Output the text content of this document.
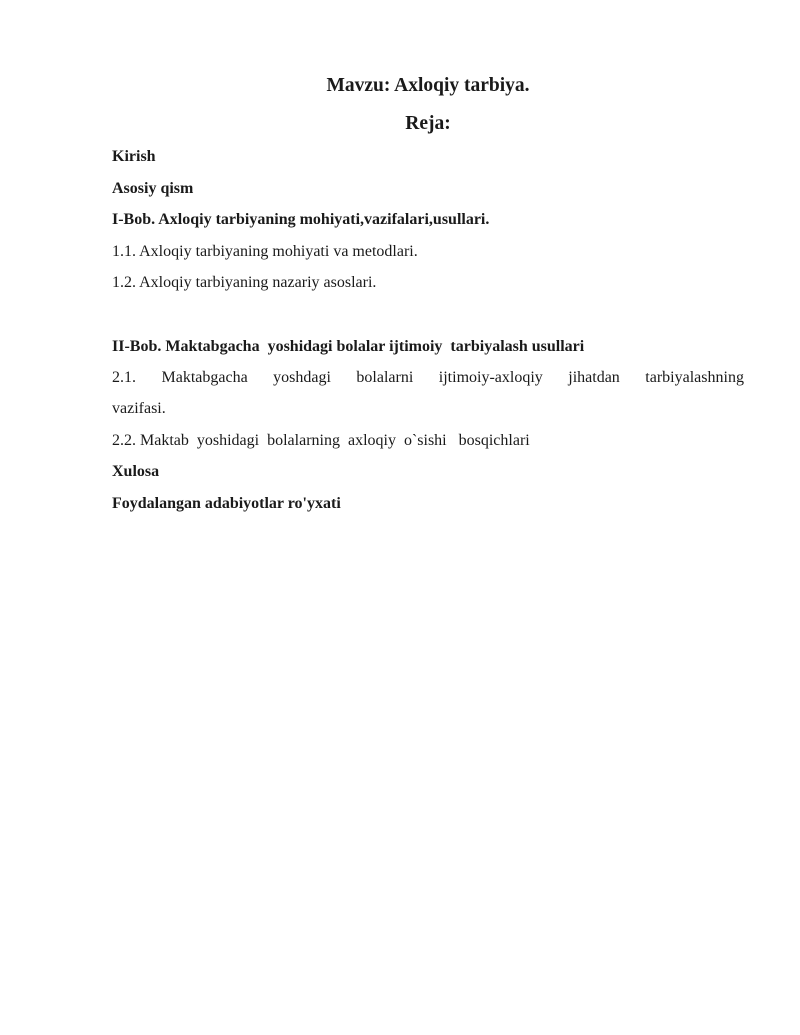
Mavzu: Axloqiy tarbiya.

Reja:

Kirish

Asosiy qism

I-Bob. Axloqiy tarbiyaning mohiyati,vazifalari,usullari.

1.1. Axloqiy tarbiyaning mohiyati va metodlari.

1.2. Axloqiy tarbiyaning nazariy asoslari.

II-Bob. Maktabgacha  yoshidagi bolalar ijtimoiy  tarbiyalash usullari

2.1. Maktabgacha yoshdagi bolalarni ijtimoiy-axloqiy jihatdan tarbiyalashning

vazifasi.

2.2. Maktab  yoshidagi  bolalarning  axloqiy  o`sishi   bosqichlari

Xulosa

Foydalangan adabiyotlar ro'yxati
